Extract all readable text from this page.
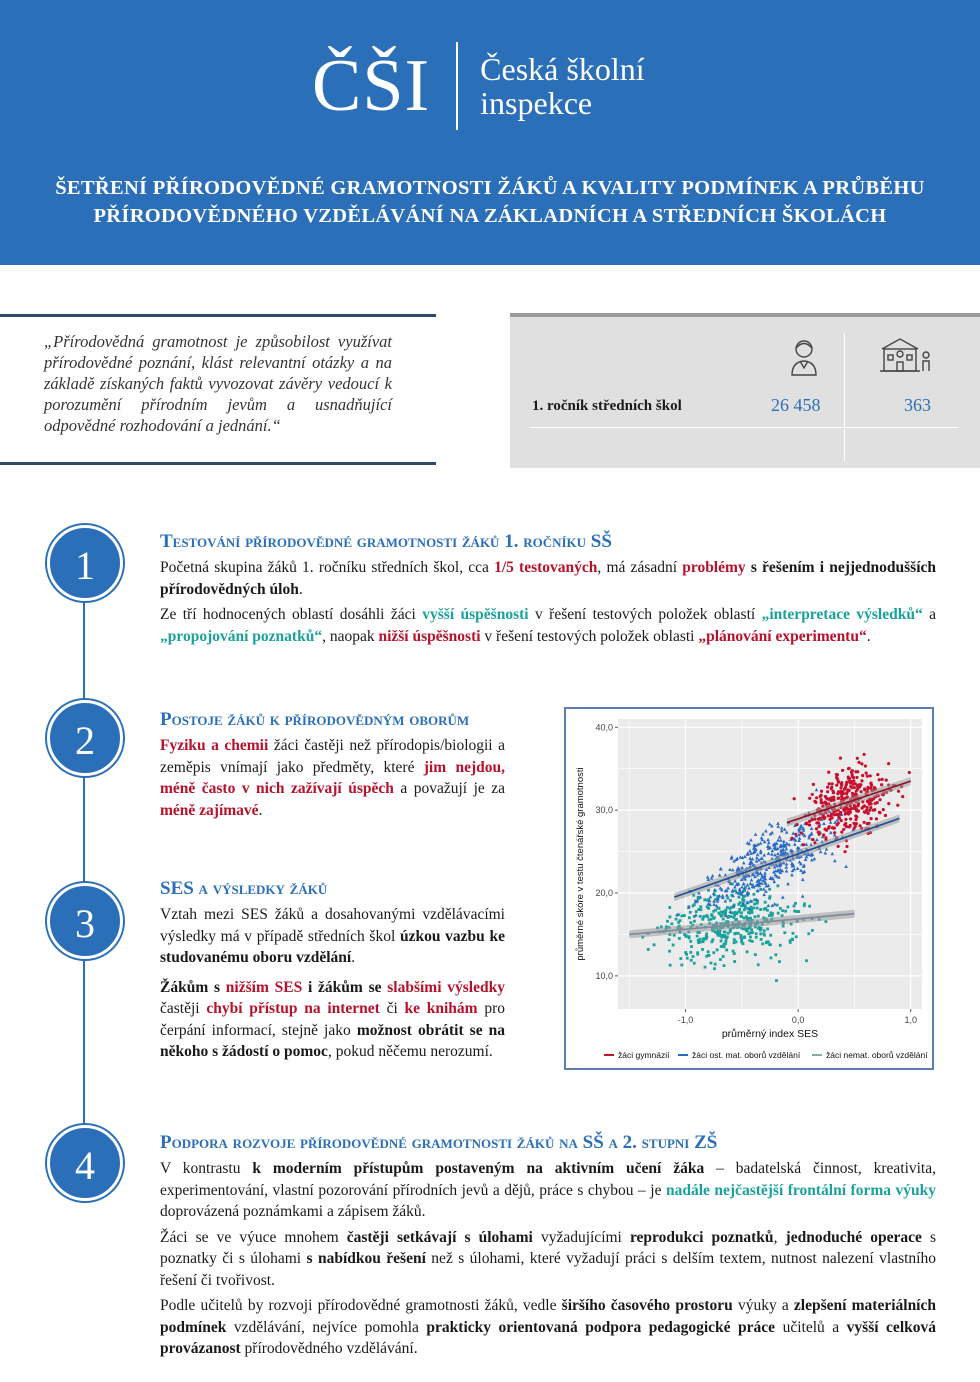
ČŠI Česká školní
inspekce
ŠETŘENÍ PŘÍRODOVĚDNÉ GRAMOTNOSTI ŽÁKŮ A KVALITY PODMÍNEK A PRŮBĚHU
PŘÍRODOVĚDNÉHO VZDĚLÁVÁNÍ NA ZÁKLADNÍCH A STŘEDNÍCH ŠKOLÁCH

„Přírodovědná gramotnost je způsobilost využívat přírodovědné poznání, klást relevantní otázky a na základě získaných faktů vyvozovat závěry vedoucí k porozumění přírodním jevům a usnadňující odpovědné rozhodování a jednání.“

1. ročník středních škol	26 458	363
1
2
3
4
Testování přírodovědné gramotnosti žáků 1. ročníku SŠ

Početná skupina žáků 1. ročníku středních škol, cca 1/5 testovaných, má zásadní problémy s řešením i nejjednodušších přírodovědných úloh.

Ze tří hodnocených oblastí dosáhli žáci vyšší úspěšnosti v řešení testových položek oblastí „interpretace výsledků“ a „propojování poznatků“, naopak nižší úspěšnosti v řešení testových položek oblasti „plánování experimentu“.

Postoje žáků k přírodovědným oborům

Fyziku a chemii žáci častěji než přírodopis/biologii a zeměpis vnímají jako předměty, které jim nejdou, méně často v nich zažívají úspěch a považují je za méně zajímavé.

SES a výsledky žáků

Vztah mezi SES žáků a dosahovanými vzdělávacími výsledky má v případě středních škol úzkou vazbu ke studovanému oboru vzdělání.

Žákům s nižším SES i žákům se slabšími výsledky častěji chybí přístup na internet či ke knihám pro čerpání informací, stejně jako možnost obrátit se na někoho s žádostí o pomoc, pokud něčemu nerozumí.

-1,0	0,0	1,0
10,0
20,0
30,0
40,0
průměrný index SES
průměrné skóre v testu čtenářské gramotnosti
žáci gymnázií	žáci ost. mat. oborů vzdělání	žáci nemat. oborů vzdělání
Podpora rozvoje přírodovědné gramotnosti žáků na SŠ a 2. stupni ZŠ

V kontrastu k moderním přístupům postaveným na aktivním učení žáka – badatelská činnost, kreativita, experimentování, vlastní pozorování přírodních jevů a dějů, práce s chybou – je nadále nejčastější frontální forma výuky doprovázená poznámkami a zápisem žáků.

Žáci se ve výuce mnohem častěji setkávají s úlohami vyžadujícími reprodukci poznatků, jednoduché operace s poznatky či s úlohami s nabídkou řešení než s úlohami, které vyžadují práci s delším textem, nutnost nalezení vlastního řešení či tvořivost.

Podle učitelů by rozvoji přírodovědné gramotnosti žáků, vedle širšího časového prostoru výuky a zlepšení materiálních podmínek vzdělávání, nejvíce pomohla prakticky orientovaná podpora pedagogické práce učitelů a vyšší celková provázanost přírodovědného vzdělávání.
